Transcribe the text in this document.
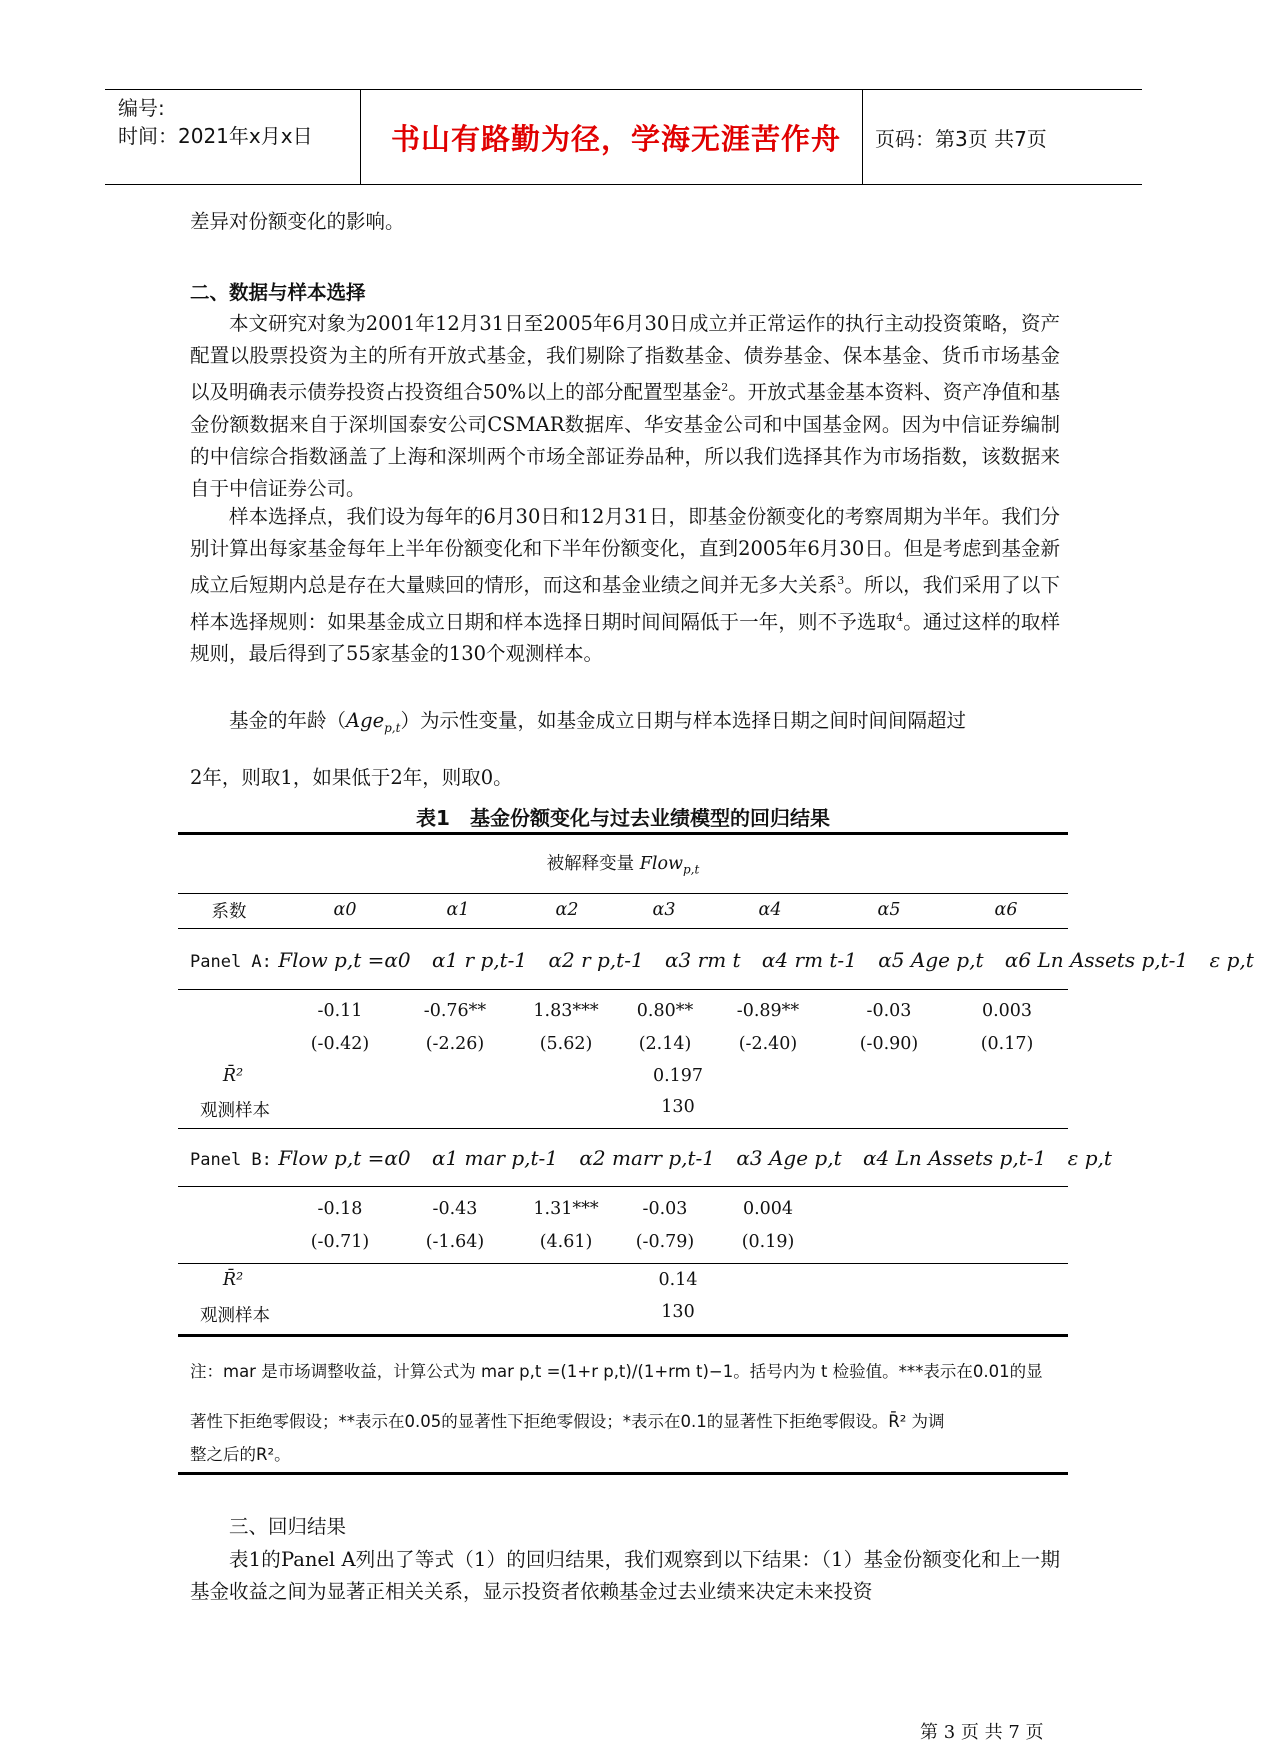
编号:
时间：2021年x月x日	书山有路勤为径，学海无涯苦作舟	页码：第3页 共7页

差异对份额变化的影响。

二、数据与样本选择

本文研究对象为2001年12月31日至2005年6月30日成立并正常运作的执行主动投资策略，资产配置以股票投资为主的所有开放式基金，我们剔除了指数基金、债券基金、保本基金、货币市场基金以及明确表示债券投资占投资组合50%以上的部分配置型基金$^2$。开放式基金基本资料、资产净值和基金份额数据来自于深圳国泰安公司CSMAR数据库、华安基金公司和中国基金网。因为中信证券编制的中信综合指数涵盖了上海和深圳两个市场全部证券品种，所以我们选择其作为市场指数，该数据来自于中信证券公司。

样本选择点，我们设为每年的6月30日和12月31日，即基金份额变化的考察周期为半年。我们分别计算出每家基金每年上半年份额变化和下半年份额变化，直到2005年6月30日。但是考虑到基金新成立后短期内总是存在大量赎回的情形，而这和基金业绩之间并无多大关系$^3$。所以，我们采用了以下样本选择规则：如果基金成立日期和样本选择日期时间间隔低于一年，则不予选取$^4$。通过这样的取样规则，最后得到了55家基金的130个观测样本。

基金的年龄（Age$_{p,t}$）为示性变量，如基金成立日期与样本选择日期之间时间间隔超过

2年，则取1，如果低于2年，则取0。

表1　基金份额变化与过去业绩模型的回归结果
被解释变量 Flow$_{p,t}$
系数	α0	α1	α2	α3	α4	α5	α6
Panel A: Flow p,t =α0 α1 r p,t-1 α2 r p,t-1 α3 rm t α4 rm t-1 α5 Age p,t α6 Ln Assets p,t-1 ε p,t
-0.11	-0.76**	1.83*** 0.80** -0.89**	-0.03	0.003
(-0.42)	(-2.26)	(5.62)	(2.14)	(-2.40)	(-0.90)	(0.17)
R̄²	0.197
观测样本	130
Panel B: Flow p,t =α0 α1 mar p,t-1 α2 marr p,t-1 α3 Age p,t α4 Ln Assets p,t-1 ε p,t
-0.18	-0.43	1.31***	-0.03	0.004
(-0.71)	(-1.64)	(4.61) (-0.79)	(0.19)
R̄²	0.14
观测样本	130
注：mar 是市场调整收益，计算公式为 mar p,t =(1+r p,t)/(1+rm t)−1。括号内为 t 检验值。***表示在0.01的显
著性下拒绝零假设；**表示在0.05的显著性下拒绝零假设；*表示在0.1的显著性下拒绝零假设。R̄² 为调
整之后的R²。

三、回归结果

表1的Panel A列出了等式（1）的回归结果，我们观察到以下结果：（1）基金份额变化和上一期基金收益之间为显著正相关关系，显示投资者依赖基金过去业绩来决定未来投资

第 3 页 共 7 页
